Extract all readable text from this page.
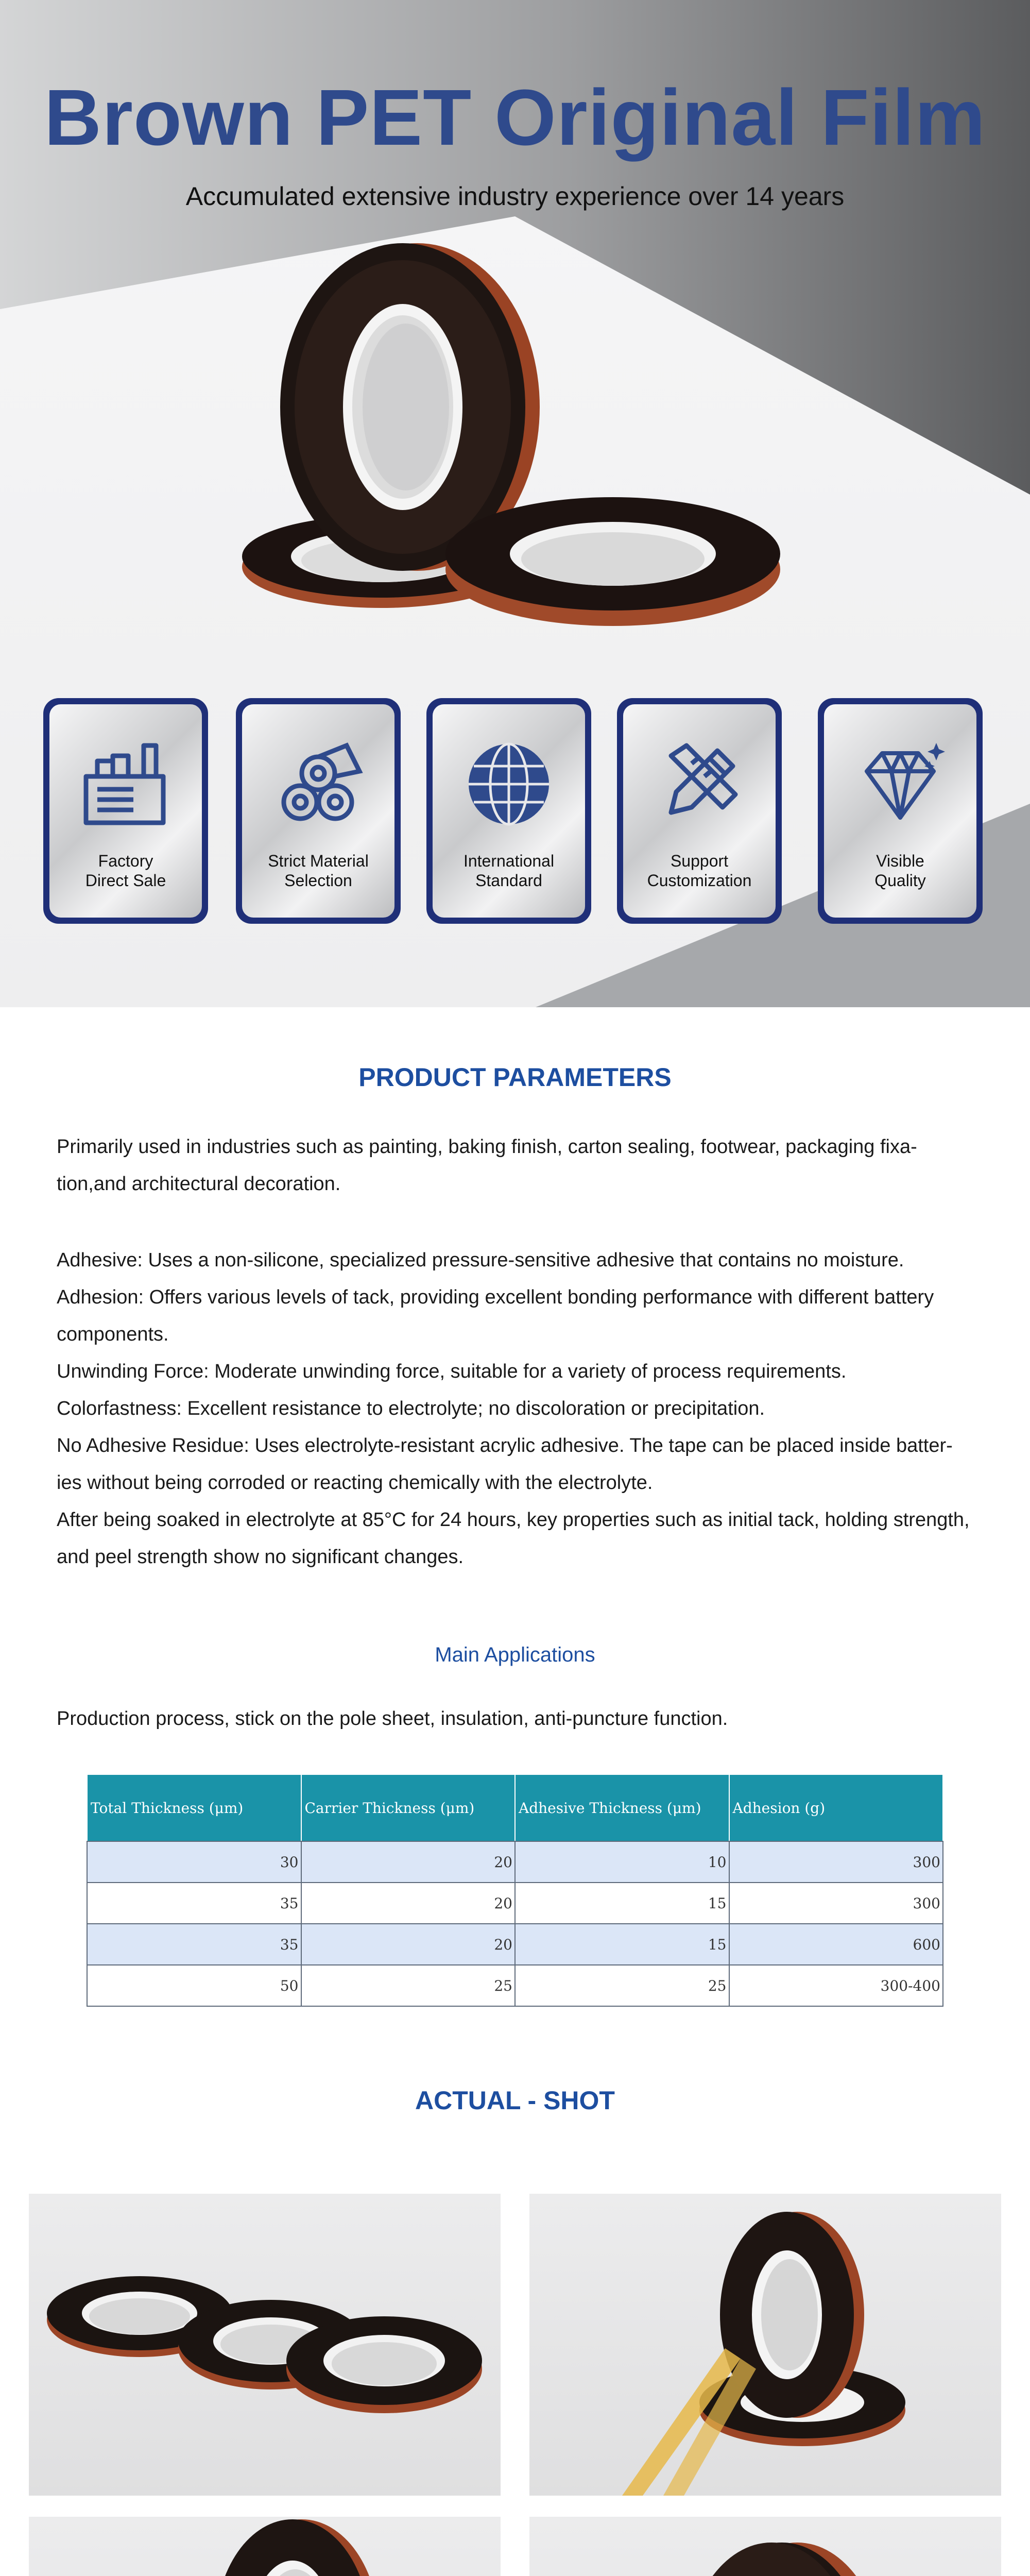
Brown PET Original Film
Accumulated extensive industry experience over 14 years
Factory
Direct Sale
Strict Material
Selection
International
Standard
Support
Customization
Visible
Quality
PRODUCT PARAMETERS
Primarily used in industries such as painting, baking finish, carton sealing, footwear, packaging fixa-tion,and architectural decoration.

Adhesive: Uses a non-silicone, specialized pressure-sensitive adhesive that contains no moisture.

Adhesion: Offers various levels of tack, providing excellent bonding performance with different battery components.

Unwinding Force: Moderate unwinding force, suitable for a variety of process requirements.

Colorfastness: Excellent resistance to electrolyte; no discoloration or precipitation.

No Adhesive Residue: Uses electrolyte-resistant acrylic adhesive. The tape can be placed inside batter-ies without being corroded or reacting chemically with the electrolyte.

After being soaked in electrolyte at 85°C for 24 hours, key properties such as initial tack, holding strength, and peel strength show no significant changes.

Main Applications
Production process, stick on the pole sheet, insulation, anti-puncture function.
Total Thickness (μm)	Carrier Thickness (μm)	Adhesive Thickness (μm)	Adhesion (g)
30	20	10	300
35	20	15	300
35	20	15	600
50	25	25	300-400
ACTUAL - SHOT
